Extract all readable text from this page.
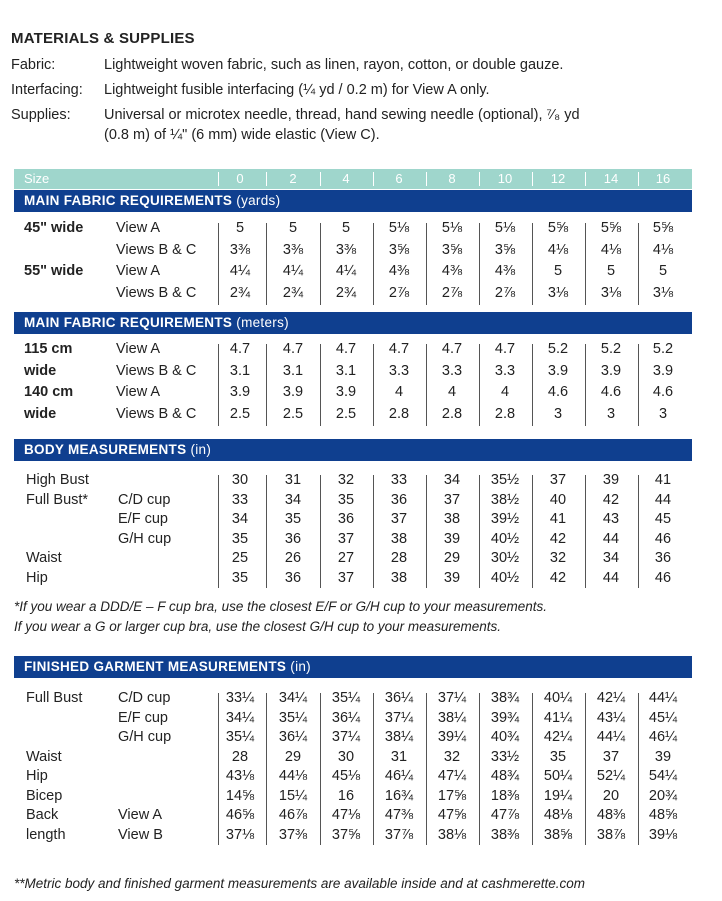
MATERIALS & SUPPLIES
Fabric:	Lightweight woven fabric, such as linen, rayon, cotton, or double gauze.
Interfacing:	Lightweight fusible interfacing (¼ yd / 0.2 m) for View A only.
Supplies:	Universal or microtex needle, thread, hand sewing needle (optional), ⁷⁄₈ yd
(0.8 m) of ¼" (6 mm) wide elastic (View C).
Size	0	2	4	6	8	10	12	14	16
MAIN FABRIC REQUIREMENTS (yards)
45" wide View A	5	5	5	5⅛	5⅛	5⅛	5⅝	5⅝	5⅝
Views B & C	3⅜	3⅜	3⅜	3⅝	3⅝	3⅝	4⅛	4⅛	4⅛
55" wide View A	4¼	4¼	4¼	4⅜	4⅜	4⅜	5	5	5
Views B & C	2¾	2¾	2¾	2⅞	2⅞	2⅞	3⅛	3⅛	3⅛
MAIN FABRIC REQUIREMENTS (meters)
115 cm	View A	4.7	4.7	4.7	4.7	4.7	4.7	5.2	5.2	5.2
wide	Views B & C	3.1	3.1	3.1	3.3	3.3	3.3	3.9	3.9	3.9
140 cm	View A	3.9	3.9	3.9	4	4	4	4.6	4.6	4.6
wide	Views B & C	2.5	2.5	2.5	2.8	2.8	2.8	3	3	3
BODY MEASUREMENTS (in)
High Bust	30	31	32	33	34	35½	37	39	41
Full Bust* C/D cup	33	34	35	36	37	38½	40	42	44
E/F cup	34	35	36	37	38	39½	41	43	45
G/H cup	35	36	37	38	39	40½	42	44	46
Waist	25	26	27	28	29	30½	32	34	36
Hip	35	36	37	38	39	40½	42	44	46
*If you wear a DDD/E – F cup bra, use the closest E/F or G/H cup to your measurements.
If you wear a G or larger cup bra, use the closest G/H cup to your measurements.
FINISHED GARMENT MEASUREMENTS (in)
Full Bust C/D cup	33¼	34¼	35¼	36¼	37¼	38¾	40¼	42¼	44¼
E/F cup	34¼	35¼	36¼	37¼	38¼	39¾	41¼	43¼	45¼
G/H cup	35¼	36¼	37¼	38¼	39¼	40¾	42¼	44¼	46¼
Waist	28	29	30	31	32	33½	35	37	39
Hip	43⅛	44⅛	45⅛	46¼	47¼	48¾	50¼	52¼	54¼
Bicep	14⅝	15¼	16	16¾	17⅝	18⅜	19¼	20	20¾
Back	View A	46⅝	46⅞	47⅛	47⅜	47⅝	47⅞	48⅛	48⅜	48⅝
length	View B	37⅛	37⅜	37⅝	37⅞	38⅛	38⅜	38⅝	38⅞	39⅛
**Metric body and finished garment measurements are available inside and at cashmerette.com
